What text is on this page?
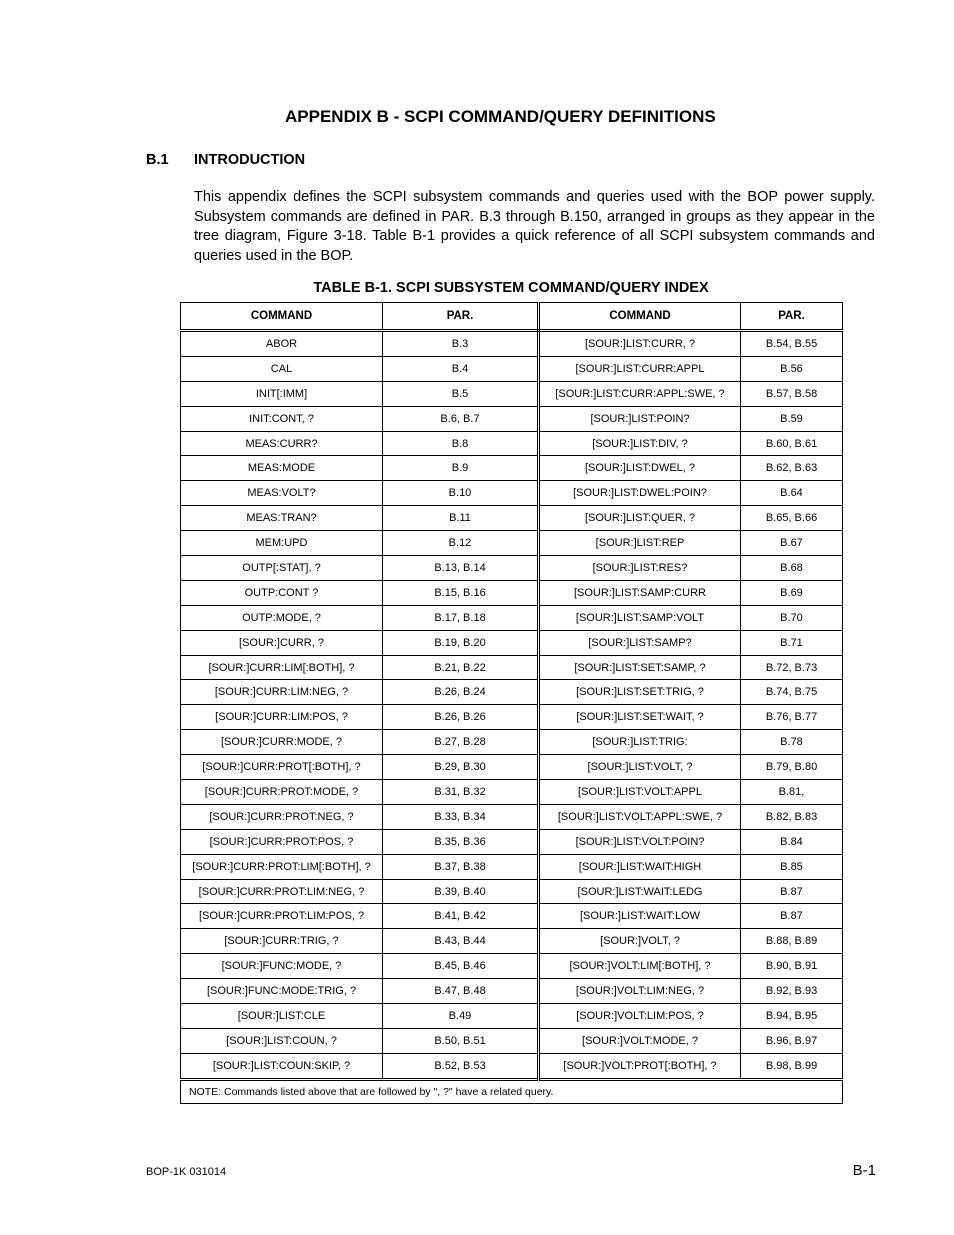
APPENDIX B - SCPI COMMAND/QUERY DEFINITIONS
B.1 INTRODUCTION

This appendix defines the SCPI subsystem commands and queries used with the BOP power supply. Subsystem commands are defined in PAR. B.3 through B.150, arranged in groups as they appear in the tree diagram, Figure 3-18. Table B-1 provides a quick reference of all SCPI subsystem commands and queries used in the BOP.

TABLE B-1. SCPI SUBSYSTEM COMMAND/QUERY INDEX
COMMAND	PAR.	COMMAND	PAR.
ABOR	B.3	[SOUR:]LIST:CURR, ?	B.54, B.55
CAL	B.4	[SOUR:]LIST:CURR:APPL	B.56
INIT[:IMM]	B.5	[SOUR:]LIST:CURR:APPL:SWE, ?	B.57, B.58
INIT:CONT, ?	B.6, B.7	[SOUR:]LIST:POIN?	B.59
MEAS:CURR?	B.8	[SOUR:]LIST:DIV, ?	B.60, B.61
MEAS:MODE	B.9	[SOUR:]LIST:DWEL, ?	B.62, B.63
MEAS:VOLT?	B.10	[SOUR:]LIST:DWEL:POIN?	B.64
MEAS:TRAN?	B.11	[SOUR:]LIST:QUER, ?	B.65, B.66
MEM:UPD	B.12	[SOUR:]LIST:REP	B.67
OUTP[:STAT], ?	B.13, B.14	[SOUR:]LIST:RES?	B.68
OUTP:CONT ?	B.15, B.16	[SOUR:]LIST:SAMP:CURR	B.69
OUTP:MODE, ?	B.17, B.18	[SOUR:]LIST:SAMP:VOLT	B.70
[SOUR:]CURR, ?	B.19, B.20	[SOUR:]LIST:SAMP?	B.71
[SOUR:]CURR:LIM[:BOTH], ?	B.21, B.22	[SOUR:]LIST:SET:SAMP, ?	B.72, B.73
[SOUR:]CURR:LIM:NEG, ?	B.26, B.24	[SOUR:]LIST:SET:TRIG, ?	B.74, B.75
[SOUR:]CURR:LIM:POS, ?	B.26, B.26	[SOUR:]LIST:SET:WAIT, ?	B.76, B.77
[SOUR:]CURR:MODE, ?	B.27, B.28	[SOUR:]LIST:TRIG:	B.78
[SOUR:]CURR:PROT[:BOTH], ?	B.29, B.30	[SOUR:]LIST:VOLT, ?	B.79, B.80
[SOUR:]CURR:PROT:MODE, ?	B.31, B.32	[SOUR:]LIST:VOLT:APPL	B.81,
[SOUR:]CURR:PROT:NEG, ?	B.33, B.34	[SOUR:]LIST:VOLT:APPL:SWE, ?	B.82, B.83
[SOUR:]CURR:PROT:POS, ?	B.35, B.36	[SOUR:]LIST:VOLT:POIN?	B.84
[SOUR:]CURR:PROT:LIM[:BOTH], ?	B.37, B.38	[SOUR:]LIST:WAIT:HIGH	B.85
[SOUR:]CURR:PROT:LIM:NEG, ?	B.39, B.40	[SOUR:]LIST:WAIT:LEDG	B.87
[SOUR:]CURR:PROT:LIM:POS, ?	B.41, B.42	[SOUR:]LIST:WAIT:LOW	B.87
[SOUR:]CURR:TRIG, ?	B.43, B.44	[SOUR:]VOLT, ?	B.88, B.89
[SOUR:]FUNC:MODE, ?	B.45, B.46	[SOUR:]VOLT:LIM[:BOTH], ?	B.90, B.91
[SOUR:]FUNC:MODE:TRIG, ?	B.47, B.48	[SOUR:]VOLT:LIM:NEG, ?	B.92, B.93
[SOUR:]LIST:CLE	B.49	[SOUR:]VOLT:LIM:POS, ?	B.94, B.95
[SOUR:]LIST:COUN, ?	B.50, B.51	[SOUR:]VOLT:MODE, ?	B.96, B.97
[SOUR:]LIST:COUN:SKIP, ?	B.52, B.53	[SOUR:]VOLT:PROT[:BOTH], ?	B.98, B.99
NOTE: Commands listed above that are followed by ", ?" have a related query.			
BOP-1K 031014	B-1
